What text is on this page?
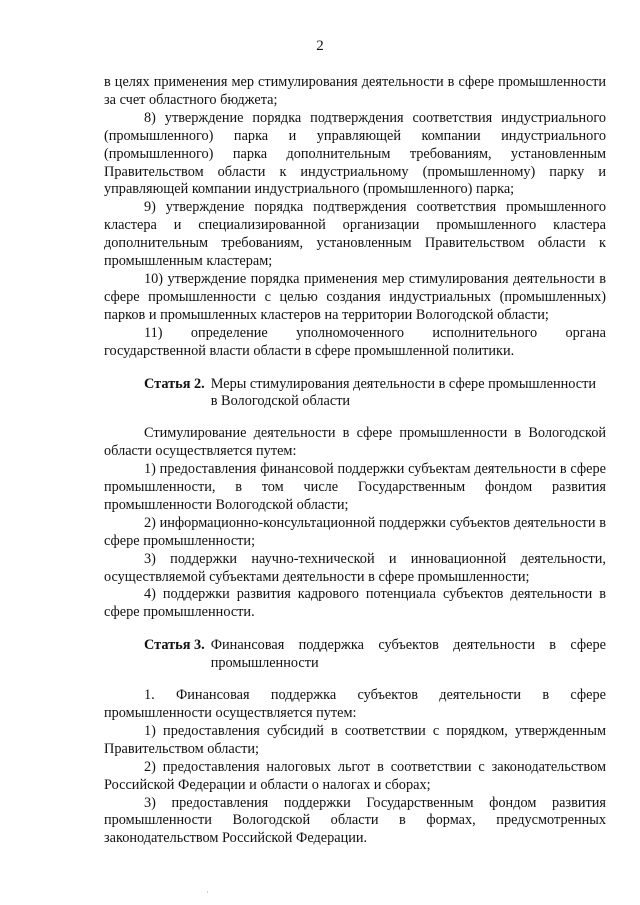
2

в целях применения мер стимулирования деятельности в сфере промышленности за счет областного бюджета;

8) утверждение порядка подтверждения соответствия индустриального (промышленного) парка и управляющей компании индустриального (промышленного) парка дополнительным требованиям, установленным Правительством области к индустриальному (промышленному) парку и управляющей компании индустриального (промышленного) парка;

9) утверждение порядка подтверждения соответствия промышленного кластера и специализированной организации промышленного кластера дополнительным требованиям, установленным Правительством области к промышленным кластерам;

10) утверждение порядка применения мер стимулирования деятельности в сфере промышленности с целью создания индустриальных (промышленных) парков и промышленных кластеров на территории Вологодской области;

11) определение уполномоченного исполнительного органа государственной власти области в сфере промышленной политики.

Статья 2. Меры стимулирования деятельности в сфере промышленности в Вологодской области

Стимулирование деятельности в сфере промышленности в Вологодской области осуществляется путем:

1) предоставления финансовой поддержки субъектам деятельности в сфере промышленности, в том числе Государственным фондом развития промышленности Вологодской области;

2) информационно-консультационной поддержки субъектов деятельности в сфере промышленности;

3) поддержки научно-технической и инновационной деятельности, осуществляемой субъектами деятельности в сфере промышленности;

4) поддержки развития кадрового потенциала субъектов деятельности в сфере промышленности.

Статья 3. Финансовая поддержка субъектов деятельности в сфере промышленности

1. Финансовая поддержка субъектов деятельности в сфере промышленности осуществляется путем:

1) предоставления субсидий в соответствии с порядком, утвержденным Правительством области;

2) предоставления налоговых льгот в соответствии с законодательством Российской Федерации и области о налогах и сборах;

3) предоставления поддержки Государственным фондом развития промышленности Вологодской области в формах, предусмотренных законодательством Российской Федерации.

·
